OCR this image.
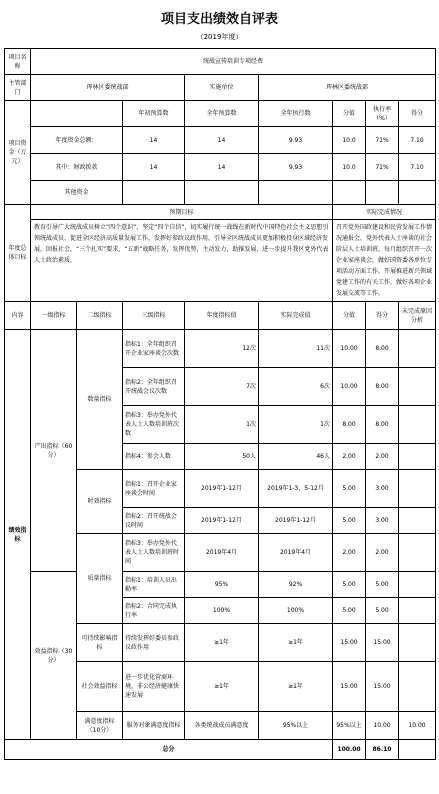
项目支出绩效自评表
（2019年度）
项目名称	统战宣传培训专项经费								
主管部门	珲林区委统战部			实施单位	珲林区委统战部				
项目资金（万元）			年初预算数	全年预算数	全年执行数	分值	执行率（%）	得分	
	年度资金总额：		14	14	9.93	10.0	71%	7.10	
	其中：财政拨款		14	14	9.93	10.0	71%	7.10	
	其他资金								
年度总体目标	预期目标					实际完成情况			
	教育引导广大统战成员树立“四个意识”，坚定“四个自信”，切实履行统一战线在新时代中国特色社会主义思想引领统战成员、促进全区经济高质量发展工作，发挥好参政议政作用，引导全区统战成员更加积极投身区域经济发展，回报社会，“三个扎实”要求，“五新”战略任务，发挥优势，主动发力，助推发展，进一步提升我区党外代表人士政治素质。					召开党外国政建设和民营发展工作情况通报会，党外代表人士座谈的社会阶层人士培训班，每月组织召开一次企业家座谈会，做好国资委各单位专项活动方面工作，开展推进新兴领域党建工作的有关工作，做好各项企业发展交流等工作。			
内容	一级指标	二级指标	三级指标	年度指标值	实际完成值	分值	得分	未完成原因分析	
绩效指标	产出指标（60分）	数量指标	指标1：全年组织召开企业家座谈会次数	12次	11次	10.00	8.00		
			指标2：全年组织召开统战会议次数	7次	6次	10.00	8.00		
			指标3：举办党外代表人士人数培训班次数	1次	1次	8.00	8.00		
			指标4：参会人数	50人	46人	2.00	2.00		
		时效指标	指标1：召开企业家座谈会时间	2019年1-12月	2019年1-3、5-12月	5.00	3.00		
			指标2：召开统战会议时间	2019年1-12月	2019年1-12月	5.00	3.00		
		质量指标	指标3：举办党外代表人士人数培训班时间	2019年4月	2019年4月	2.00	2.00		
	效益指标（30分）		指标1：培训人员出勤率	95%	92%	5.00	5.00		
			指标2：合同完成执行率	100%	100%	5.00	5.00		
		可持续影响指标	持续发挥好委员参政议政作用	≥1年	≥1年	15.00	15.00		
		社会效益指标	进一步优化营商环境，非公经济健康快速发展	≥1年	≥1年	15.00	15.00		
		满意度指标（10分）	服务对象满意度指标	各类统战成员满意度	95%以上	95%以上	10.00	10.00	
总分						100.00	86.10		
